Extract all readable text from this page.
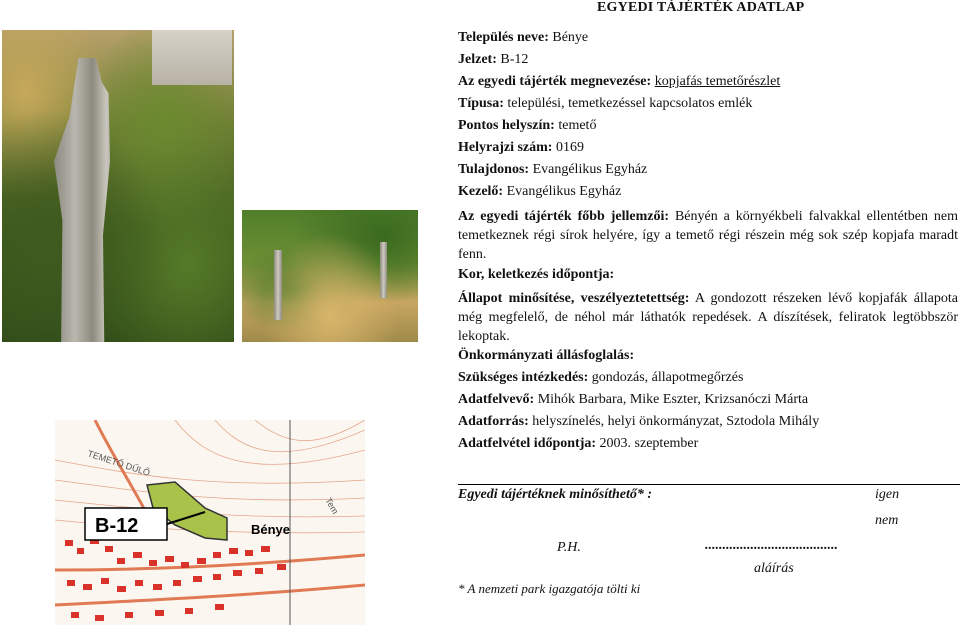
EGYEDI TÁJÉRTÉK ADATLAP
B-12	Bénye
TEMETŐ DŰLŐ
Tem
Település neve: Bénye
Jelzet: B-12
Az egyedi tájérték megnevezése: kopjafás temetőrészlet
Típusa: települési, temetkezéssel kapcsolatos emlék
Pontos helyszín: temető
Helyrajzi szám: 0169
Tulajdonos: Evangélikus Egyház
Kezelő: Evangélikus Egyház
Az egyedi tájérték főbb jellemzői: Bényén a környékbeli falvakkal ellentétben nem temetkeznek régi sírok helyére, így a temető régi részein még sok szép kopjafa maradt fenn.
Kor, keletkezés időpontja:
Állapot minősítése, veszélyeztetettség: A gondozott részeken lévő kopjafák állapota még megfelelő, de néhol már láthatók repedések. A díszítések, feliratok legtöbbször lekoptak.
Önkormányzati állásfoglalás:
Szükséges intézkedés: gondozás, állapotmegőrzés
Adatfelvevő: Mihók Barbara, Mike Eszter, Krizsanóczi Márta
Adatforrás: helyszínelés, helyi önkormányzat, Sztodola Mihály
Adatfelvétel időpontja: 2003. szeptember
Egyedi tájértéknek minősíthető* :	igen
nem
P.H.	......................................
aláírás
* A nemzeti park igazgatója tölti ki
